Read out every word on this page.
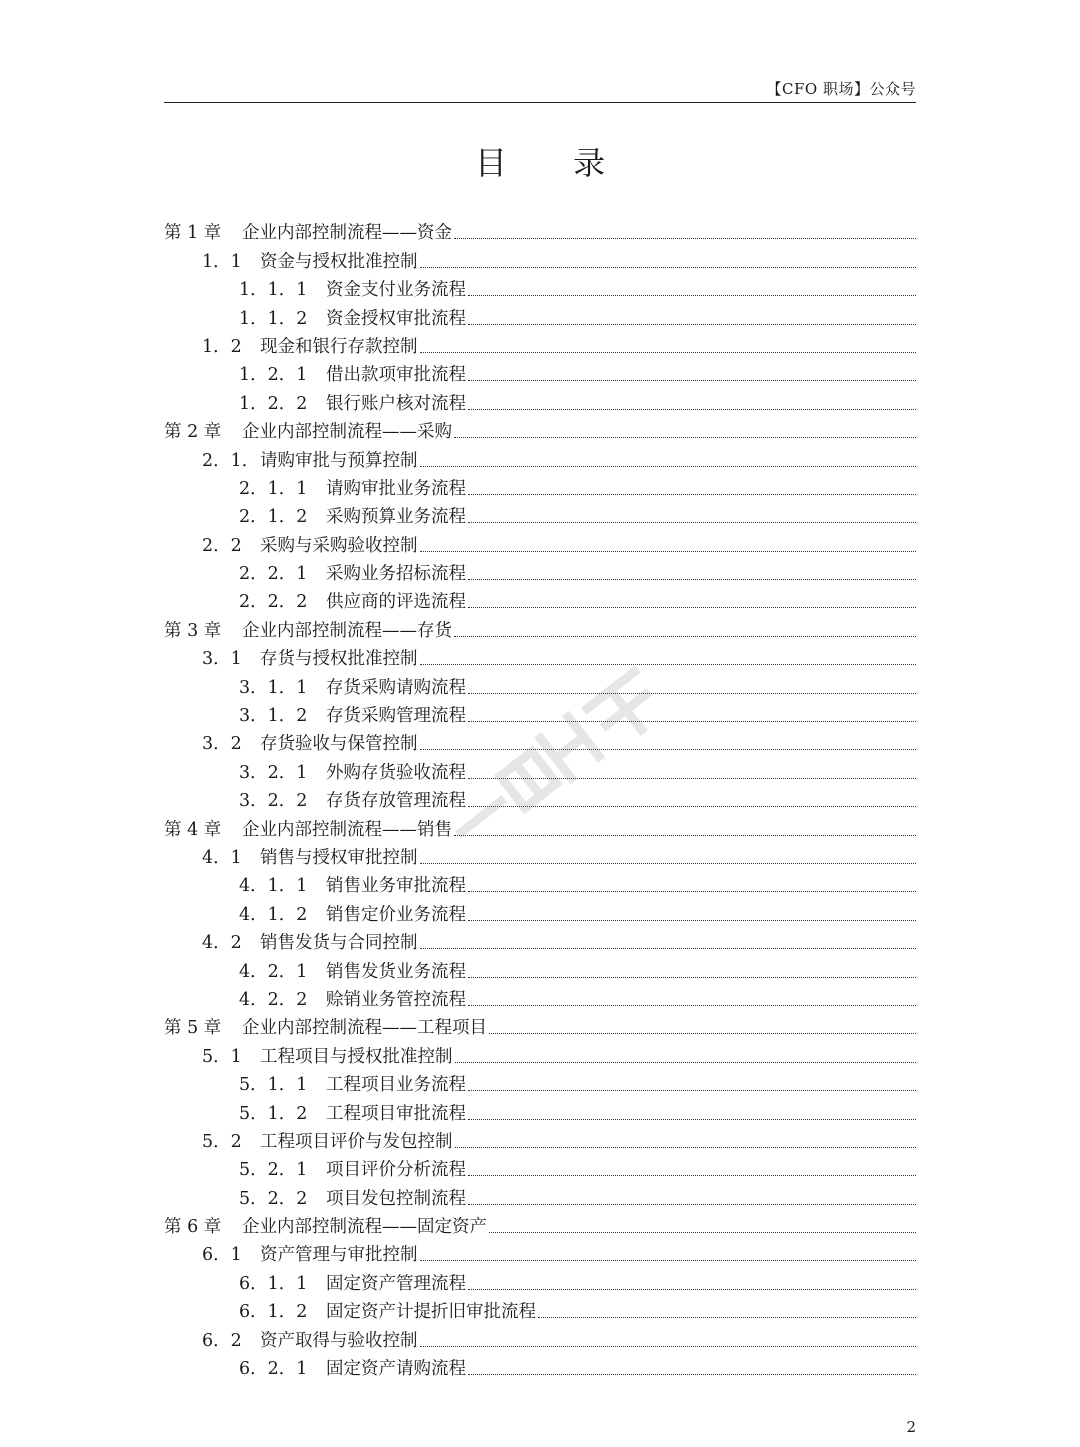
【CFO 职场】公众号
目 录
第 1 章	企业内部控制流程——资金
1．1	资金与授权批准控制
1．1．1	资金支付业务流程
1．1．2	资金授权审批流程
1．2	现金和银行存款控制
1．2．1	借出款项审批流程
1．2．2	银行账户核对流程
第 2 章	企业内部控制流程——采购
2．1． 请购审批与预算控制
2．1．1	请购审批业务流程
2．1．2	采购预算业务流程
2．2	采购与采购验收控制
2．2．1	采购业务招标流程
2．2．2	供应商的评选流程
第 3 章	企业内部控制流程——存货
3．1	存货与授权批准控制
3．1．1	存货采购请购流程
3．1．2	存货采购管理流程
3．2	存货验收与保管控制
3．2．1	外购存货验收流程
3．2．2	存货存放管理流程
第 4 章	企业内部控制流程——销售
4．1	销售与授权审批控制
4．1．1	销售业务审批流程
4．1．2	销售定价业务流程
4．2	销售发货与合同控制
4．2．1	销售发货业务流程
4．2．2	赊销业务管控流程
第 5 章	企业内部控制流程——工程项目
5．1	工程项目与授权批准控制
5．1．1	工程项目业务流程
5．1．2	工程项目审批流程
5．2	工程项目评价与发包控制
5．2．1	项目评价分析流程
5．2．2	项目发包控制流程
第 6 章	企业内部控制流程——固定资产
6．1	资产管理与审批控制
6．1．1	固定资产管理流程
6．1．2	固定资产计提折旧审批流程
6．2	资产取得与验收控制
6．2．1	固定资产请购流程
2
